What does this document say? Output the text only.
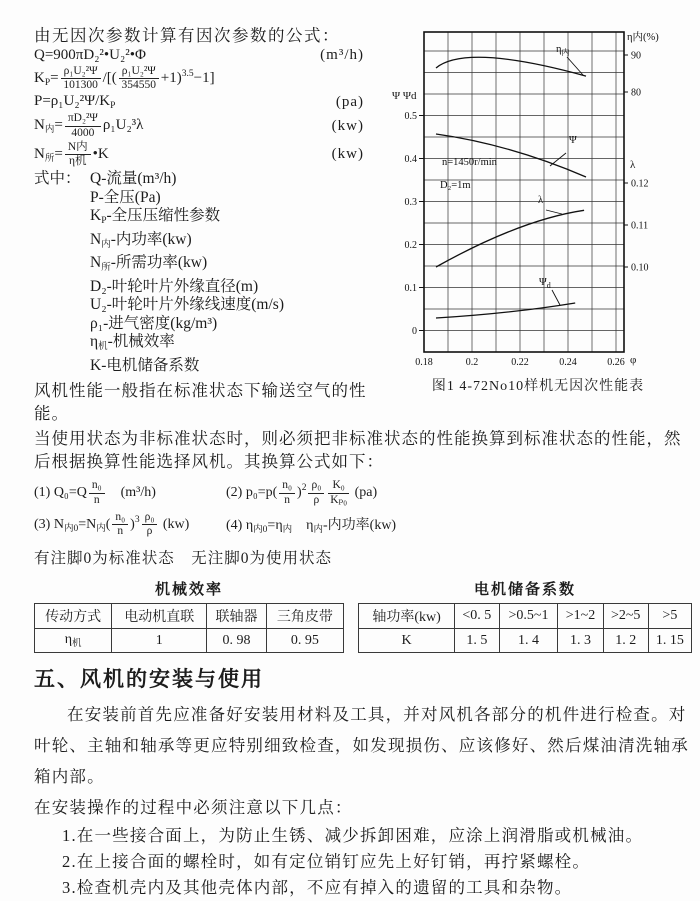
Ψ Ψd
0.5
0.4
0.3
0.2
0.1
0
0.18	0.2	0.22	0.24	0.26 φ
η内(%)
90
80
λ
0.12
0.11
0.10
n=1450r/min
D₂=1m
$\eta_内$
Ψ
λ
$\Psi_d$
图1 4-72No10样机无因次性能表
由无因次参数计算有因次参数的公式：
Q=900πD₂²•U₂²•Φ	(m³/h)
$K_P= \frac{\text{ρ₁U₂²Ψ}}{101300}$ /[( $\frac{\text{ρ₁U₂²Ψ}}{354550} +1)^{3.5}-1$]
$P=\rho_1U_2^2\Psi/K_P$	(pa)
$N_内= \frac{\text{πD₂²Ψ}}{4000} \rho_1U_2^3\lambda$	(kw)
$N_所= \frac{\text{N内}}{\text{η机}}$ •K	(kw)
式中： Q-流量(m³/h)
P-全压(Pa)
KP-全压压缩性参数
N内-内功率(kw)
N所-所需功率(kw)
D₂-叶轮叶片外缘直径(m)
U₂-叶轮叶片外缘线速度(m/s)
ρ₁-进气密度(kg/m³)
η机-机械效率
K-电机储备系数

风机性能一般指在标准状态下输送空气的性能。

当使用状态为非标准状态时，则必须把非标准状态的性能换算到标准状态的性能，然后根据换算性能选择风机。其换算公式如下：

(1) $Q_0=Q \frac{\text{n₀}}{n}$ 　(m³/h)	(2) $p_0=p( \frac{\text{n₀}}{n} )^2 \frac{\text{ρ₀}}{\rho} \frac{\text{K₀}}{\text{Kₚ₀}} (pa)$
(3) $N_{内0}=N_内( \frac{\text{n₀}}{n} )^3 \frac{\text{ρ₀}}{\rho} (kw)$	(4) $\eta_{内0}=\eta_内$　$\eta_内-$内功率(kw)

有注脚0为标准状态　无注脚0为使用状态

机械效率
传动方式	电动机直联	联轴器	三角皮带
$\eta_机$	1	0. 98	0. 95
电机储备系数
轴功率(kw)	<0. 5	>0.5~1	>1~2	>2~5	>5
K	1. 5	1. 4	1. 3	1. 2	1. 15
五、风机的安装与使用

在安装前首先应准备好安装用材料及工具，并对风机各部分的机件进行检查。对叶轮、主轴和轴承等更应特别细致检查，如发现损伤、应该修好、然后煤油清洗轴承箱内部。

在安装操作的过程中必须注意以下几点：

1.在一些接合面上，为防止生锈、减少拆卸困难，应涂上润滑脂或机械油。
2.在上接合面的螺栓时，如有定位销钉应先上好钉销，再拧紧螺栓。
3.检查机壳内及其他壳体内部，不应有掉入的遗留的工具和杂物。
